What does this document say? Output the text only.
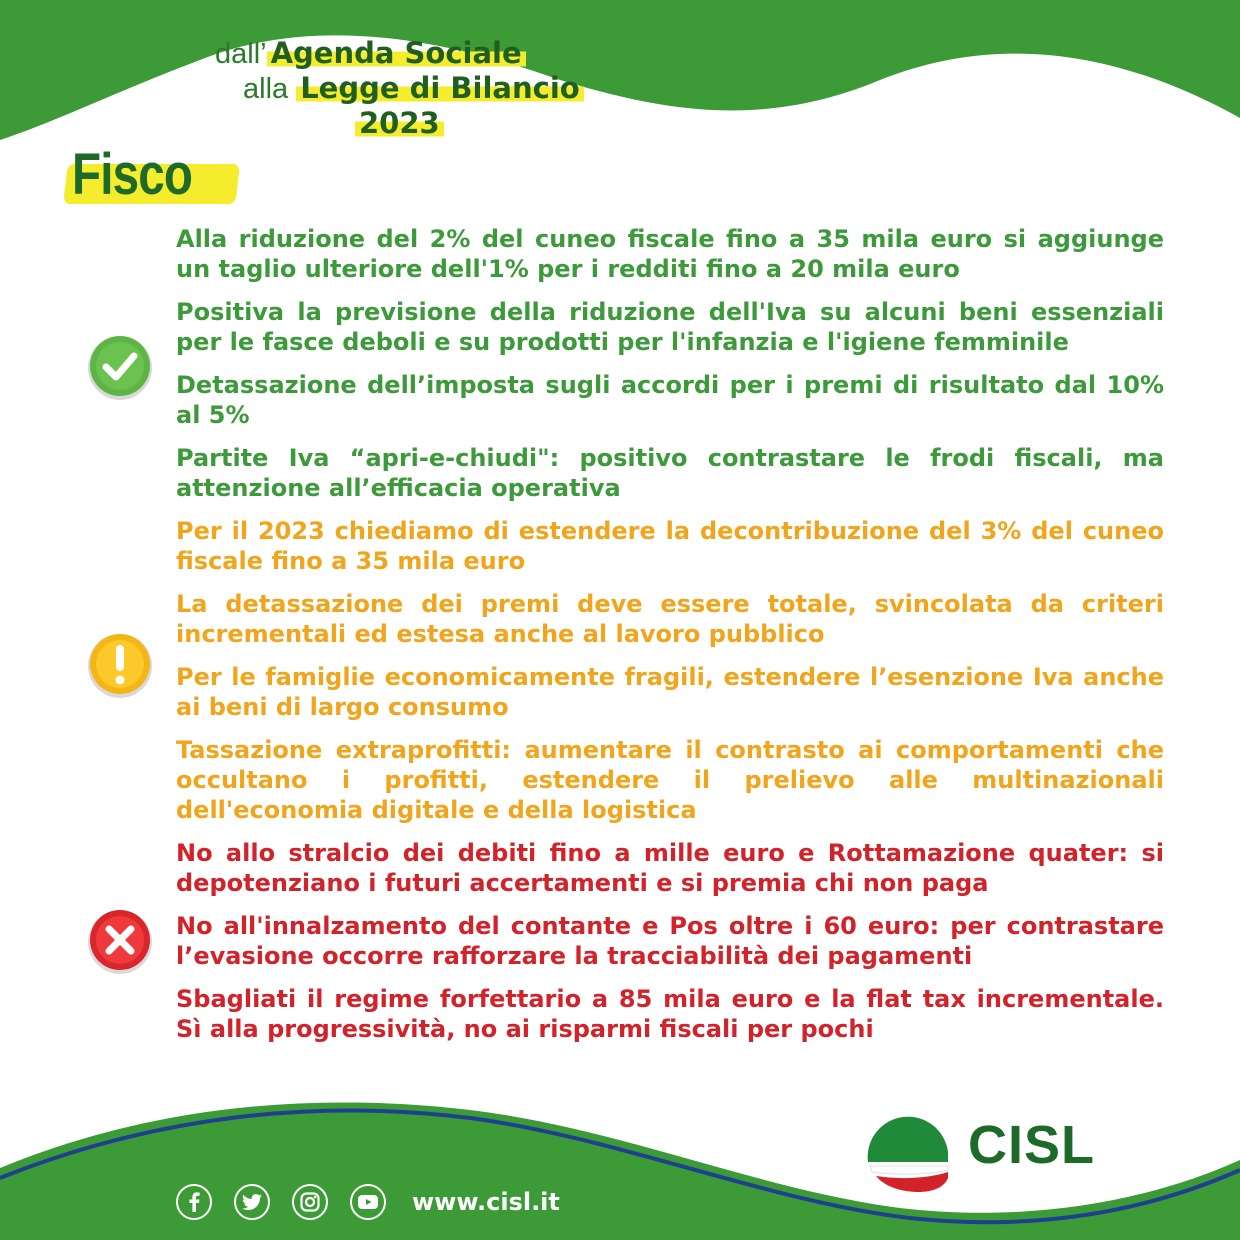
dall’ Agenda Sociale
alla Legge di Bilancio
2023
Fisco
Alla riduzione del 2% del cuneo fiscale fino a 35 mila euro si aggiunge un taglio ulteriore dell'1% per i redditi fino a 20 mila euro
Positiva la previsione della riduzione dell'Iva su alcuni beni essenziali per le fasce deboli e su prodotti per l'infanzia e l'igiene femminile
Detassazione dell’imposta sugli accordi per i premi di risultato dal 10% al 5%
Partite Iva “apri-e-chiudi": positivo contrastare le frodi fiscali, ma attenzione all’efficacia operativa
Per il 2023 chiediamo di estendere la decontribuzione del 3% del cuneo fiscale fino a 35 mila euro
La detassazione dei premi deve essere totale, svincolata da criteri incrementali ed estesa anche al lavoro pubblico
Per le famiglie economicamente fragili, estendere l’esenzione Iva anche ai beni di largo consumo
Tassazione extraprofitti: aumentare il contrasto ai comportamenti che occultano i profitti, estendere il prelievo alle multinazionali dell'economia digitale e della logistica
No allo stralcio dei debiti fino a mille euro e Rottamazione quater: si depotenziano i futuri accertamenti e si premia chi non paga
No all'innalzamento del contante e Pos oltre i 60 euro: per contrastare l’evasione occorre rafforzare la tracciabilità dei pagamenti
Sbagliati il regime forfettario a 85 mila euro e la flat tax incrementale. Sì alla progressività, no ai risparmi fiscali per pochi
CISL
www.cisl.it
